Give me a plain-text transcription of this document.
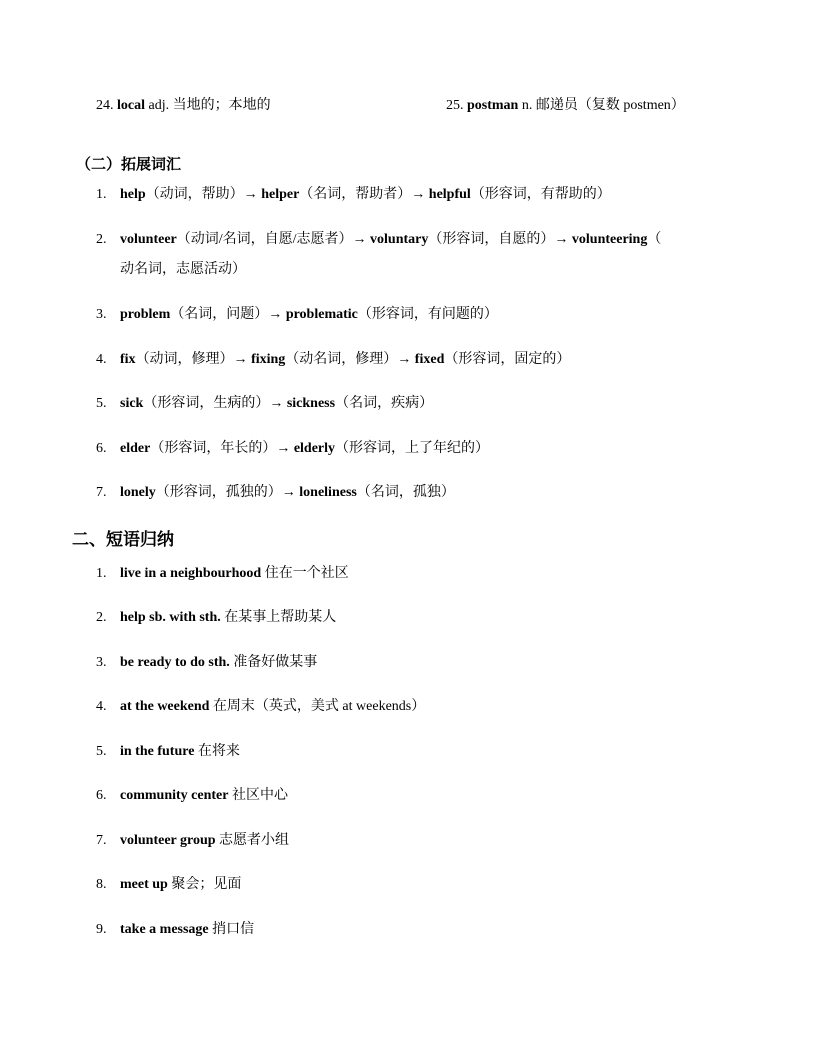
24. local adj. 当地的；本地的	25. postman n. 邮递员（复数 postmen）
（二）拓展词汇
1. help（动词，帮助）→ helper（名词，帮助者）→ helpful（形容词，有帮助的）
2. volunteer（动词/名词，自愿/志愿者）→ voluntary（形容词，自愿的）→ volunteering（
动名词，志愿活动）
3. problem（名词，问题）→ problematic（形容词，有问题的）
4. fix（动词，修理）→ fixing（动名词，修理）→ fixed（形容词，固定的）
5. sick（形容词，生病的）→ sickness（名词，疾病）
6. elder（形容词，年长的）→ elderly（形容词，上了年纪的）
7. lonely（形容词，孤独的）→ loneliness（名词，孤独）
二、短语归纳
1. live in a neighbourhood 住在一个社区
2. help sb. with sth. 在某事上帮助某人
3. be ready to do sth. 准备好做某事
4. at the weekend 在周末（英式，美式 at weekends）
5. in the future 在将来
6. community center 社区中心
7. volunteer group 志愿者小组
8. meet up 聚会；见面
9. take a message 捎口信
